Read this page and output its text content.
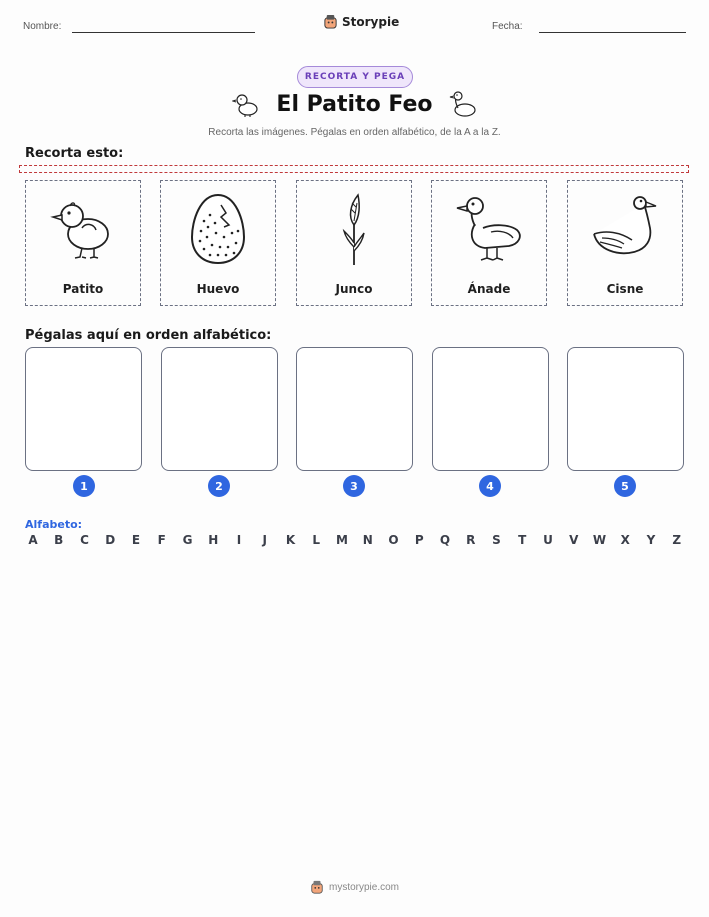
Nombre:	Storypie	Fecha:
RECORTA Y PEGA
El Patito Feo
Recorta las imágenes. Pégalas en orden alfabético, de la A a la Z.
Recorta esto:
Patito	Huevo	Junco	Ánade	Cisne
Pégalas aquí en orden alfabético:
1	2	3	4	5
Alfabeto:
A B C D	E	F	G H	I	J	K	L	M N O P	Q R	S	T	U V W X	Y	Z
mystorypie.com
